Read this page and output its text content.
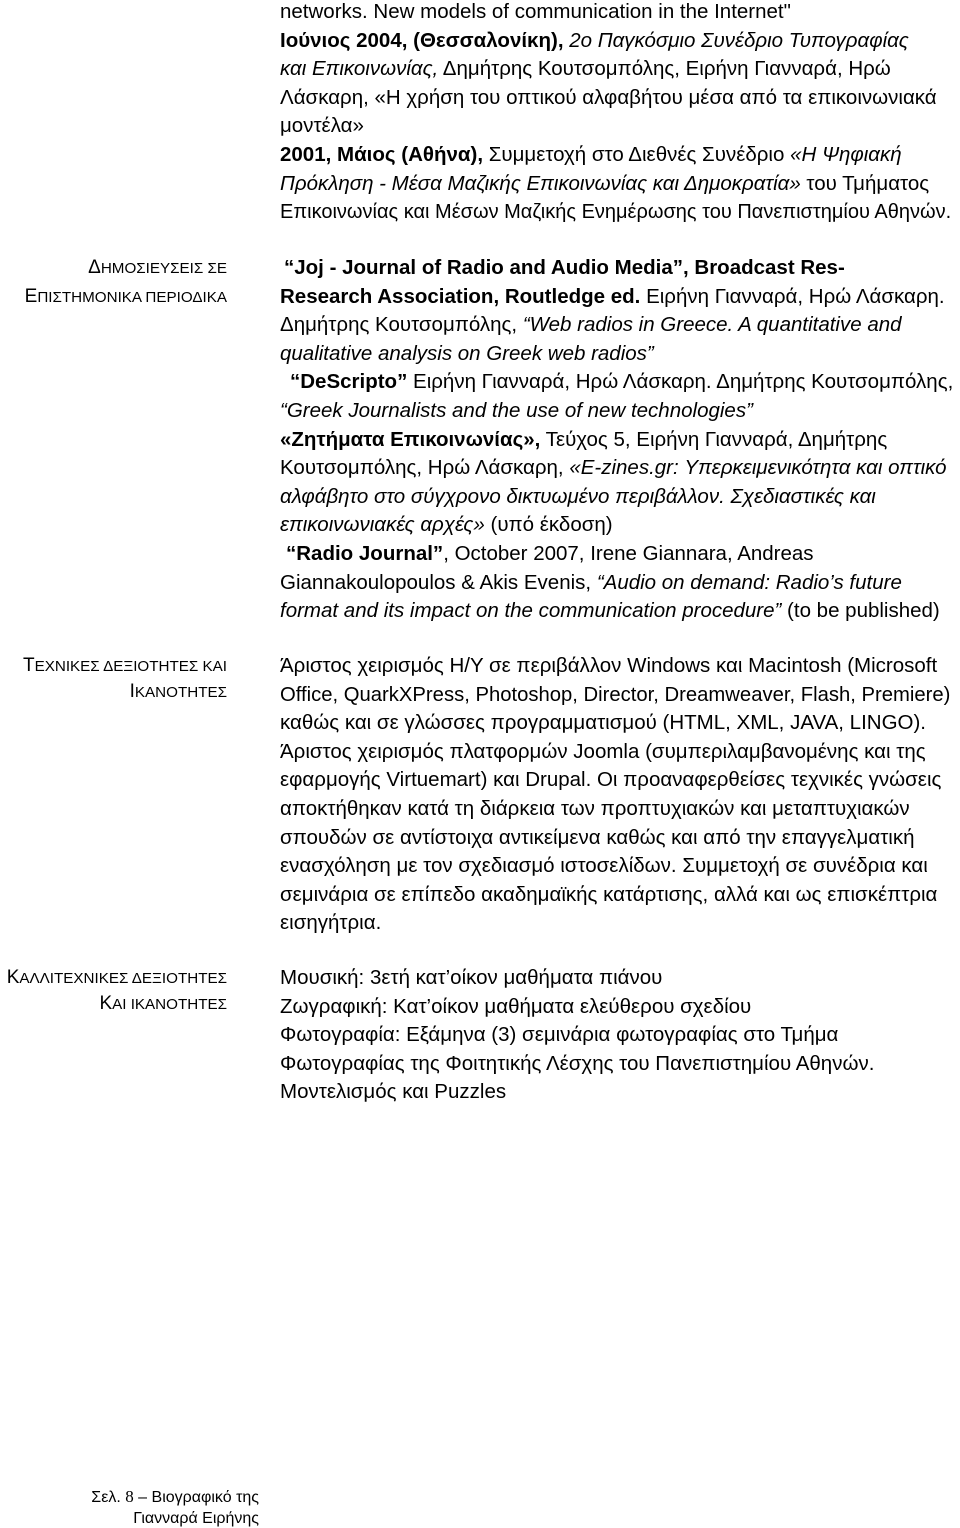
networks. New models of communication in the Internet"
Ιούνιος 2004, (Θεσσαλονίκη), 2ο Παγκόσμιο Συνέδριο Τυπογραφίας
και Επικοινωνίας, Δημήτρης Κουτσομπόλης, Ειρήνη Γιανναρά, Ηρώ
Λάσκαρη, «Η χρήση του οπτικού αλφαβήτου μέσα από τα επικοινωνιακά
μοντέλα»
2001, Μάιος (Αθήνα), Συμμετοχή στο Διεθνές Συνέδριο «Η Ψηφιακή
Πρόκληση - Μέσα Μαζικής Επικοινωνίας και Δημοκρατία» του Τμήματος
Επικοινωνίας και Μέσων Μαζικής Ενημέρωσης του Πανεπιστημίου Αθηνών.
ΔΗΜΟΣΙΕΥΣΕΙΣ ΣΕ
ΕΠΙΣΤΗΜΟΝΙΚΑ ΠΕΡΙΟΔΙΚΑ
“Joj - Journal of Radio and Audio Media”, Broadcast Res-
Research Association, Routledge ed. Ειρήνη Γιανναρά, Ηρώ Λάσκαρη.
Δημήτρης Κουτσομπόλης, “Web radios in Greece. A quantitative and
qualitative analysis on Greek web radios”
“DeScripto” Ειρήνη Γιανναρά, Ηρώ Λάσκαρη. Δημήτρης Κουτσομπόλης,
“Greek Journalists and the use of new technologies”
«Ζητήματα Επικοινωνίας», Τεύχος 5, Ειρήνη Γιανναρά, Δημήτρης
Κουτσομπόλης, Ηρώ Λάσκαρη, «E-zines.gr: Υπερκειμενικότητα και οπτικό
αλφάβητο στο σύγχρονο δικτυωμένο περιβάλλον. Σχεδιαστικές και
επικοινωνιακές αρχές» (υπό έκδοση)
“Radio Journal”, October 2007, Irene Giannara, Andreas
Giannakoulopoulos & Akis Evenis, “Audio on demand: Radio’s future
format and its impact on the communication procedure” (to be published)
ΤΕΧΝΙΚΕΣ ΔΕΞΙΟΤΗΤΕΣ ΚΑΙ
ΙΚΑΝΟΤΗΤΕΣ
Άριστος χειρισμός Η/Υ σε περιβάλλον Windows και Macintosh (Microsoft
Office, QuarkXPress, Photoshop, Director, Dreamweaver, Flash, Premiere)
καθώς και σε γλώσσες προγραμματισμού (HTML, XML, JAVA, LINGO).
Άριστος χειρισμός πλατφορμών Joomla (συμπεριλαμβανομένης και της
εφαρμογής Virtuemart) και Drupal. Οι προαναφερθείσες τεχνικές γνώσεις
αποκτήθηκαν κατά τη διάρκεια των προπτυχιακών και μεταπτυχιακών
σπουδών σε αντίστοιχα αντικείμενα καθώς και από την επαγγελματική
ενασχόληση με τον σχεδιασμό ιστοσελίδων. Συμμετοχή σε συνέδρια και
σεμινάρια σε επίπεδο ακαδημαϊκής κατάρτισης, αλλά και ως επισκέπτρια
εισηγήτρια.
ΚΑΛΛΙΤΕΧΝΙΚΕΣ ΔΕΞΙΟΤΗΤΕΣ
ΚΑΙ ΙΚΑΝΟΤΗΤΕΣ
Μουσική: 3ετή κατ’οίκον μαθήματα πιάνου
Ζωγραφική: Κατ’οίκον μαθήματα ελεύθερου σχεδίου
Φωτογραφία: Εξάμηνα (3) σεμινάρια φωτογραφίας στο Τμήμα
Φωτογραφίας της Φοιτητικής Λέσχης του Πανεπιστημίου Αθηνών.
Μοντελισμός και Puzzles
Σελ. 8 – Βιογραφικό της
Γιανναρά Ειρήνης
